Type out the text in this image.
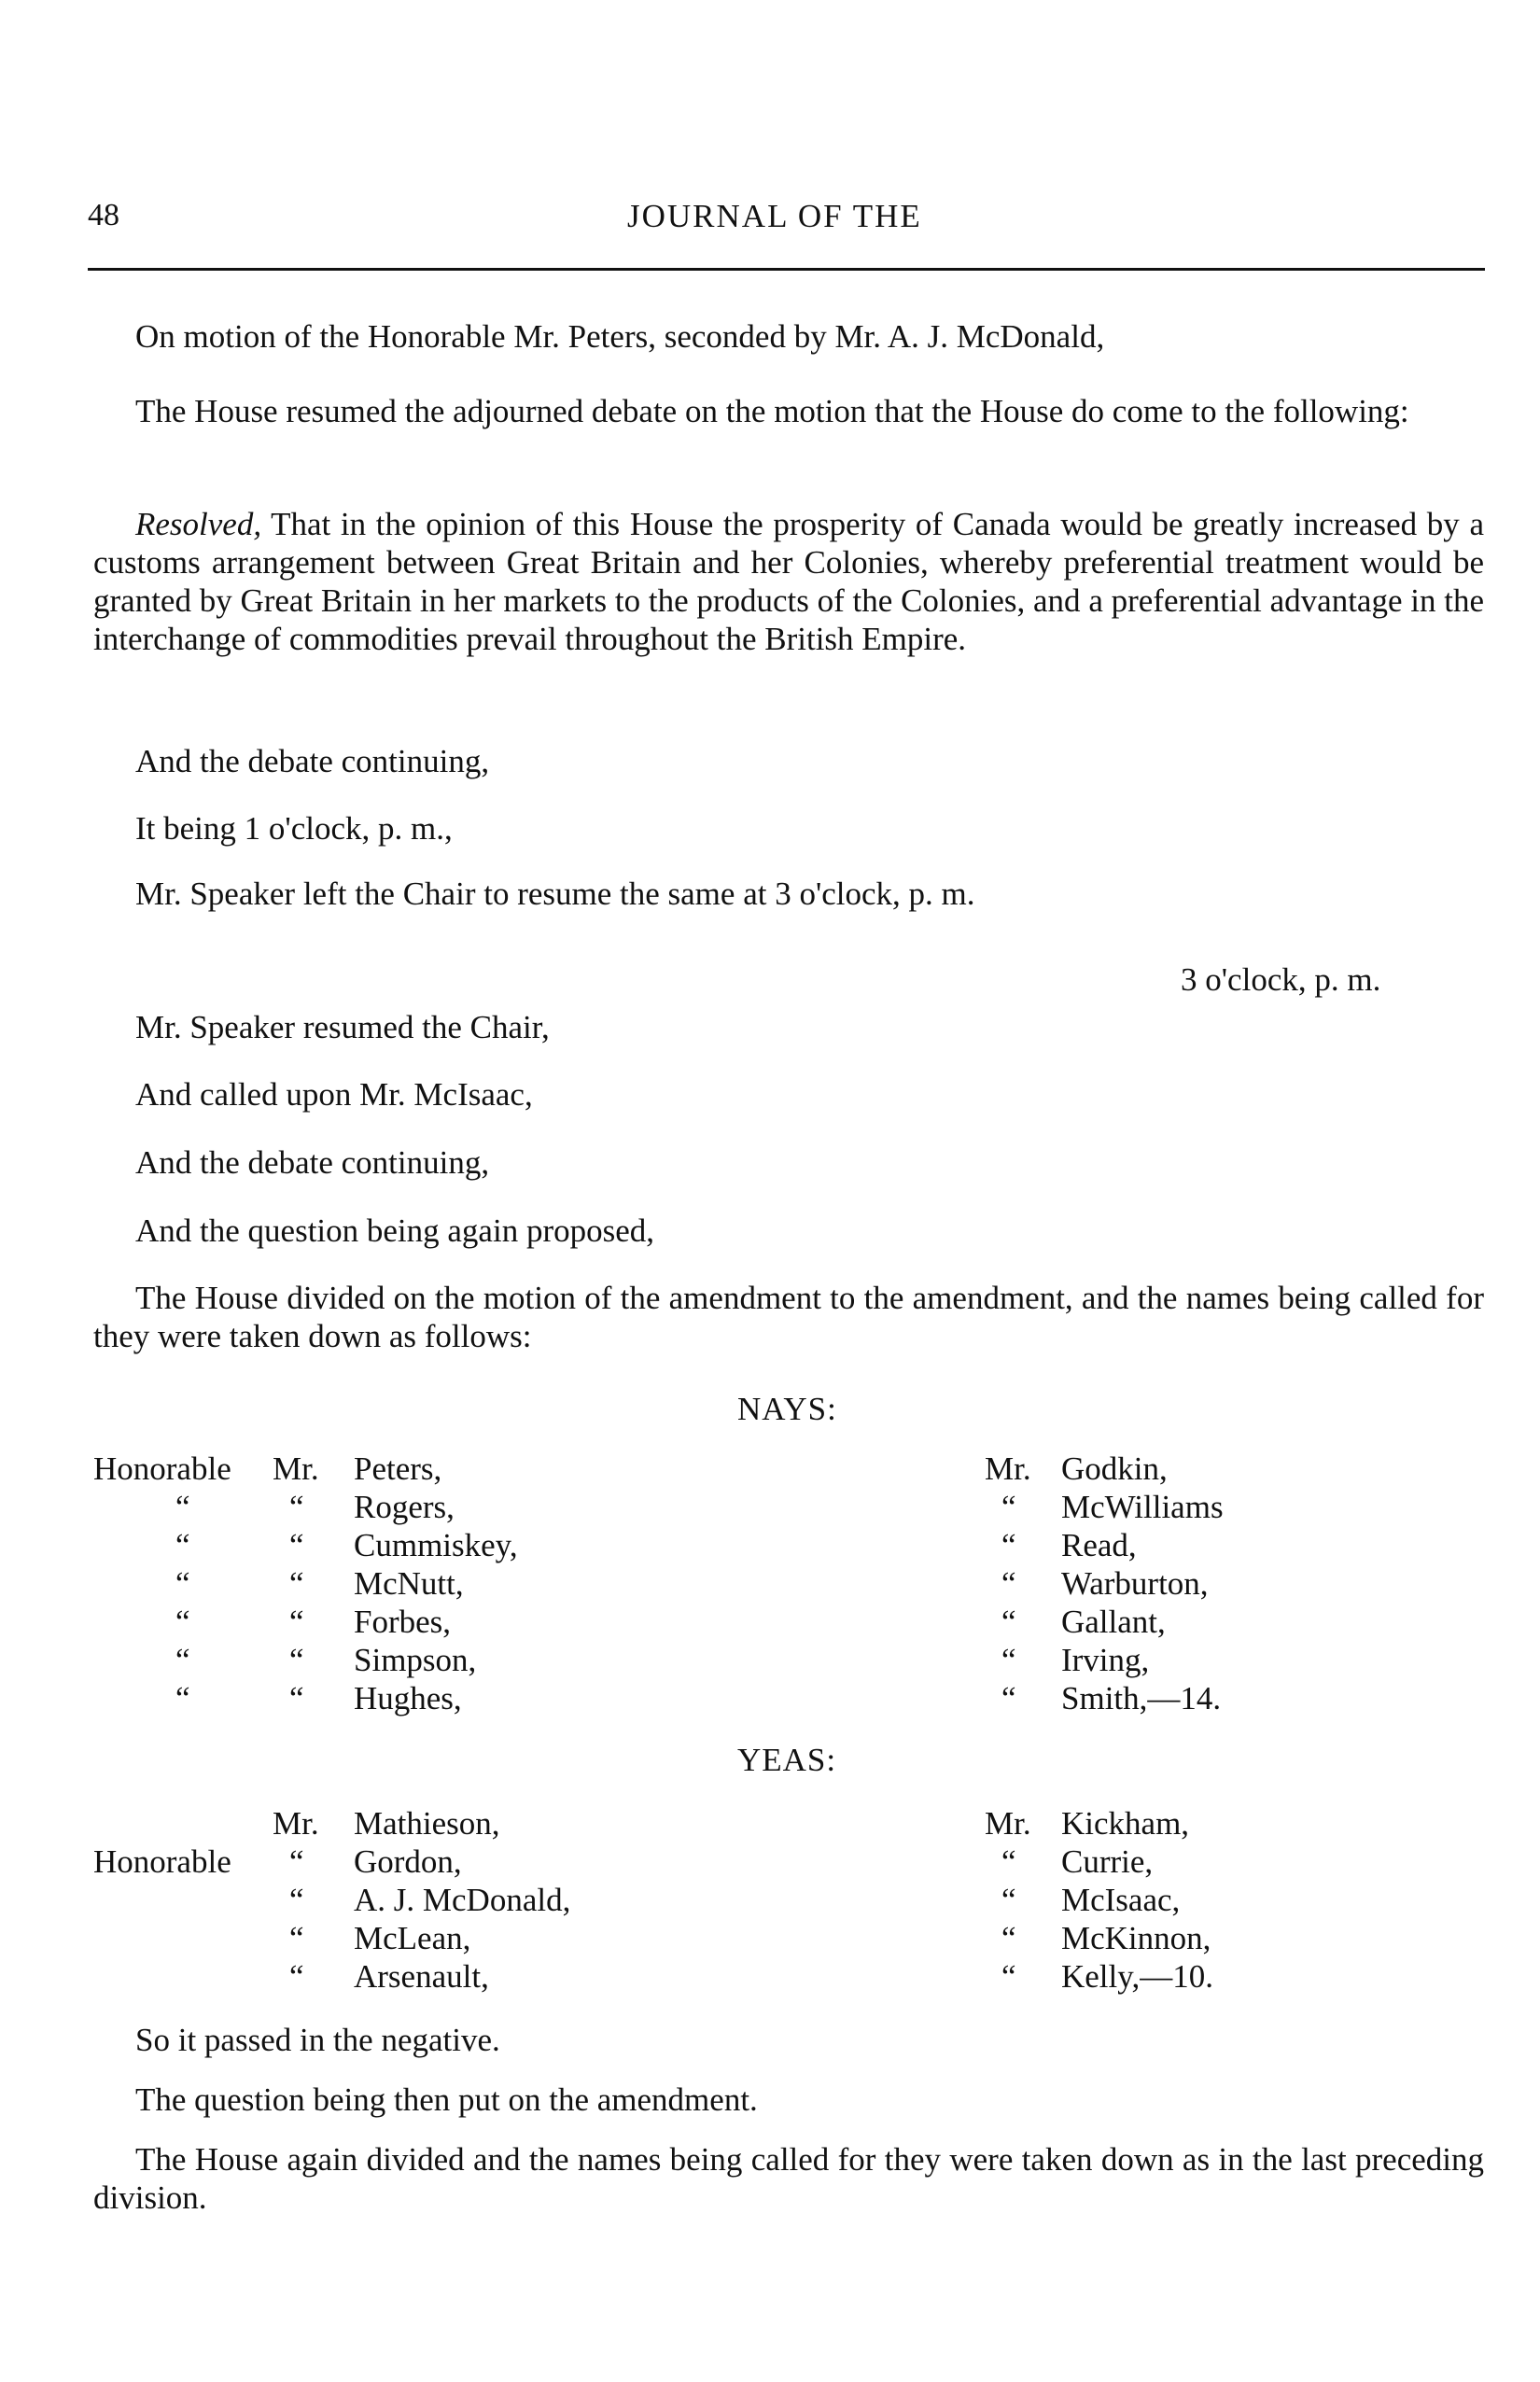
48	JOURNAL OF THE
On motion of the Honorable Mr. Peters, seconded by Mr. A. J. McDonald,
The House resumed the adjourned debate on the motion that the House do come to the following:
Resolved, That in the opinion of this House the prosperity of Canada would be greatly increased by a customs arrangement between Great Britain and her Colonies, whereby preferential treatment would be granted by Great Britain in her markets to the products of the Colonies, and a preferential advantage in the interchange of commodities prevail throughout the British Empire.
And the debate continuing,
It being 1 o'clock, p. m.,
Mr. Speaker left the Chair to resume the same at 3 o'clock, p. m.
3 o'clock, p. m.
Mr. Speaker resumed the Chair,
And called upon Mr. McIsaac,
And the debate continuing,
And the question being again proposed,
The House divided on the motion of the amendment to the amendment, and the names being called for they were taken down as follows:
NAYS:
Honorable Mr. Peters,
“	“ Rogers,
“	“ Cummiskey,
“	“ McNutt,
“	“ Forbes,
“	“ Simpson,
“	“ Hughes,
Mr. Godkin,
“ McWilliams
“ Read,
“ Warburton,
“ Gallant,
“ Irving,
“ Smith,—14.
YEAS:
Mr. Mathieson,
Honorable “ Gordon,
“ A. J. McDonald,
“ McLean,
“ Arsenault,
Mr. Kickham,
“ Currie,
“ McIsaac,
“ McKinnon,
“ Kelly,—10.
So it passed in the negative.
The question being then put on the amendment.
The House again divided and the names being called for they were taken down as in the last preceding division.
